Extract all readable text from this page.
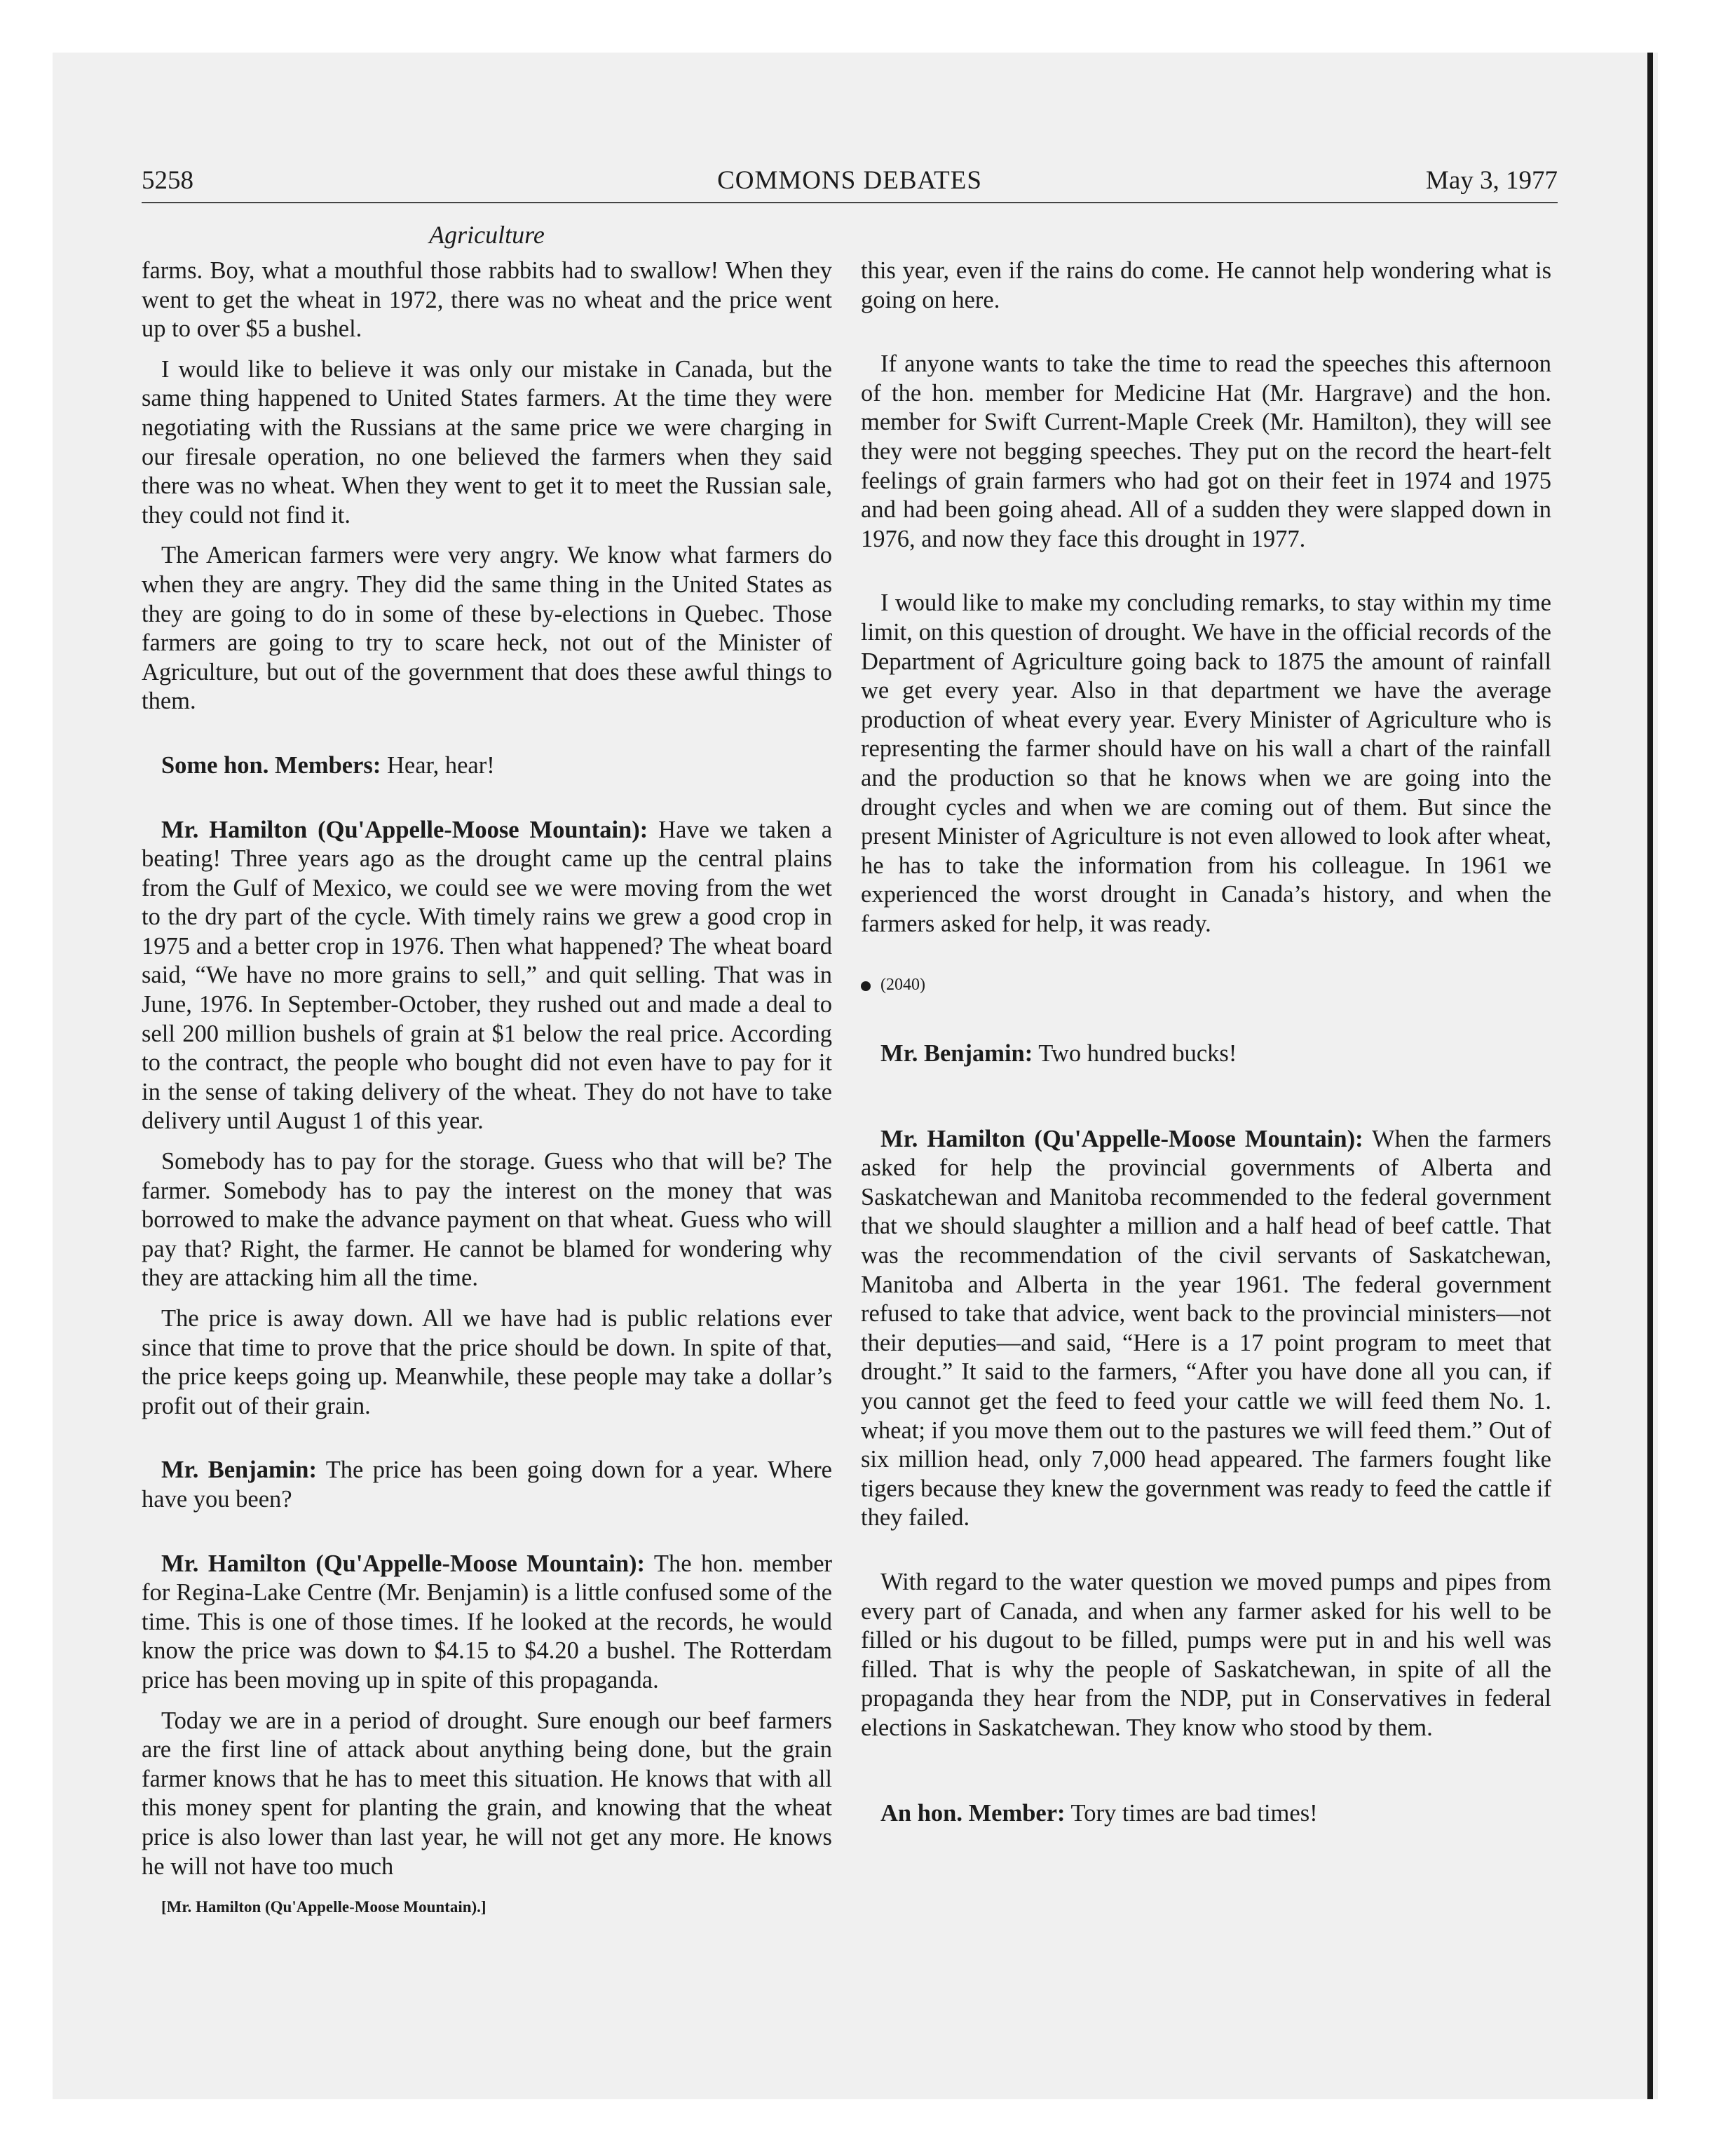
5258	COMMONS DEBATES	May 3, 1977
Agriculture

farms. Boy, what a mouthful those rabbits had to swallow! When they went to get the wheat in 1972, there was no wheat and the price went up to over $5 a bushel.

I would like to believe it was only our mistake in Canada, but the same thing happened to United States farmers. At the time they were negotiating with the Russians at the same price we were charging in our firesale operation, no one believed the farmers when they said there was no wheat. When they went to get it to meet the Russian sale, they could not find it.

The American farmers were very angry. We know what farmers do when they are angry. They did the same thing in the United States as they are going to do in some of these by-elections in Quebec. Those farmers are going to try to scare heck, not out of the Minister of Agriculture, but out of the government that does these awful things to them.

Some hon. Members: Hear, hear!

Mr. Hamilton (Qu'Appelle-Moose Mountain): Have we taken a beating! Three years ago as the drought came up the central plains from the Gulf of Mexico, we could see we were moving from the wet to the dry part of the cycle. With timely rains we grew a good crop in 1975 and a better crop in 1976. Then what happened? The wheat board said, “We have no more grains to sell,” and quit selling. That was in June, 1976. In September-October, they rushed out and made a deal to sell 200 million bushels of grain at $1 below the real price. According to the contract, the people who bought did not even have to pay for it in the sense of taking delivery of the wheat. They do not have to take delivery until August 1 of this year.

Somebody has to pay for the storage. Guess who that will be? The farmer. Somebody has to pay the interest on the money that was borrowed to make the advance payment on that wheat. Guess who will pay that? Right, the farmer. He cannot be blamed for wondering why they are attacking him all the time.

The price is away down. All we have had is public relations ever since that time to prove that the price should be down. In spite of that, the price keeps going up. Meanwhile, these people may take a dollar’s profit out of their grain.

Mr. Benjamin: The price has been going down for a year. Where have you been?

Mr. Hamilton (Qu'Appelle-Moose Mountain): The hon. member for Regina-Lake Centre (Mr. Benjamin) is a little confused some of the time. This is one of those times. If he looked at the records, he would know the price was down to $4.15 to $4.20 a bushel. The Rotterdam price has been moving up in spite of this propaganda.

Today we are in a period of drought. Sure enough our beef farmers are the first line of attack about anything being done, but the grain farmer knows that he has to meet this situation. He knows that with all this money spent for planting the grain, and knowing that the wheat price is also lower than last year, he will not get any more. He knows he will not have too much

[Mr. Hamilton (Qu'Appelle-Moose Mountain).]

this year, even if the rains do come. He cannot help wondering what is going on here.

If anyone wants to take the time to read the speeches this afternoon of the hon. member for Medicine Hat (Mr. Hargrave) and the hon. member for Swift Current-Maple Creek (Mr. Hamilton), they will see they were not begging speeches. They put on the record the heart-felt feelings of grain farmers who had got on their feet in 1974 and 1975 and had been going ahead. All of a sudden they were slapped down in 1976, and now they face this drought in 1977.

I would like to make my concluding remarks, to stay within my time limit, on this question of drought. We have in the official records of the Department of Agriculture going back to 1875 the amount of rainfall we get every year. Also in that department we have the average production of wheat every year. Every Minister of Agriculture who is representing the farmer should have on his wall a chart of the rainfall and the production so that he knows when we are going into the drought cycles and when we are coming out of them. But since the present Minister of Agriculture is not even allowed to look after wheat, he has to take the information from his colleague. In 1961 we experienced the worst drought in Canada’s history, and when the farmers asked for help, it was ready.

(2040)

Mr. Benjamin: Two hundred bucks!

Mr. Hamilton (Qu'Appelle-Moose Mountain): When the farmers asked for help the provincial governments of Alberta and Saskatchewan and Manitoba recommended to the federal government that we should slaughter a million and a half head of beef cattle. That was the recommendation of the civil servants of Saskatchewan, Manitoba and Alberta in the year 1961. The federal government refused to take that advice, went back to the provincial ministers—not their deputies—and said, “Here is a 17 point program to meet that drought.” It said to the farmers, “After you have done all you can, if you cannot get the feed to feed your cattle we will feed them No. 1. wheat; if you move them out to the pastures we will feed them.” Out of six million head, only 7,000 head appeared. The farmers fought like tigers because they knew the government was ready to feed the cattle if they failed.

With regard to the water question we moved pumps and pipes from every part of Canada, and when any farmer asked for his well to be filled or his dugout to be filled, pumps were put in and his well was filled. That is why the people of Saskatchewan, in spite of all the propaganda they hear from the NDP, put in Conservatives in federal elections in Saskatchewan. They know who stood by them.

An hon. Member: Tory times are bad times!
